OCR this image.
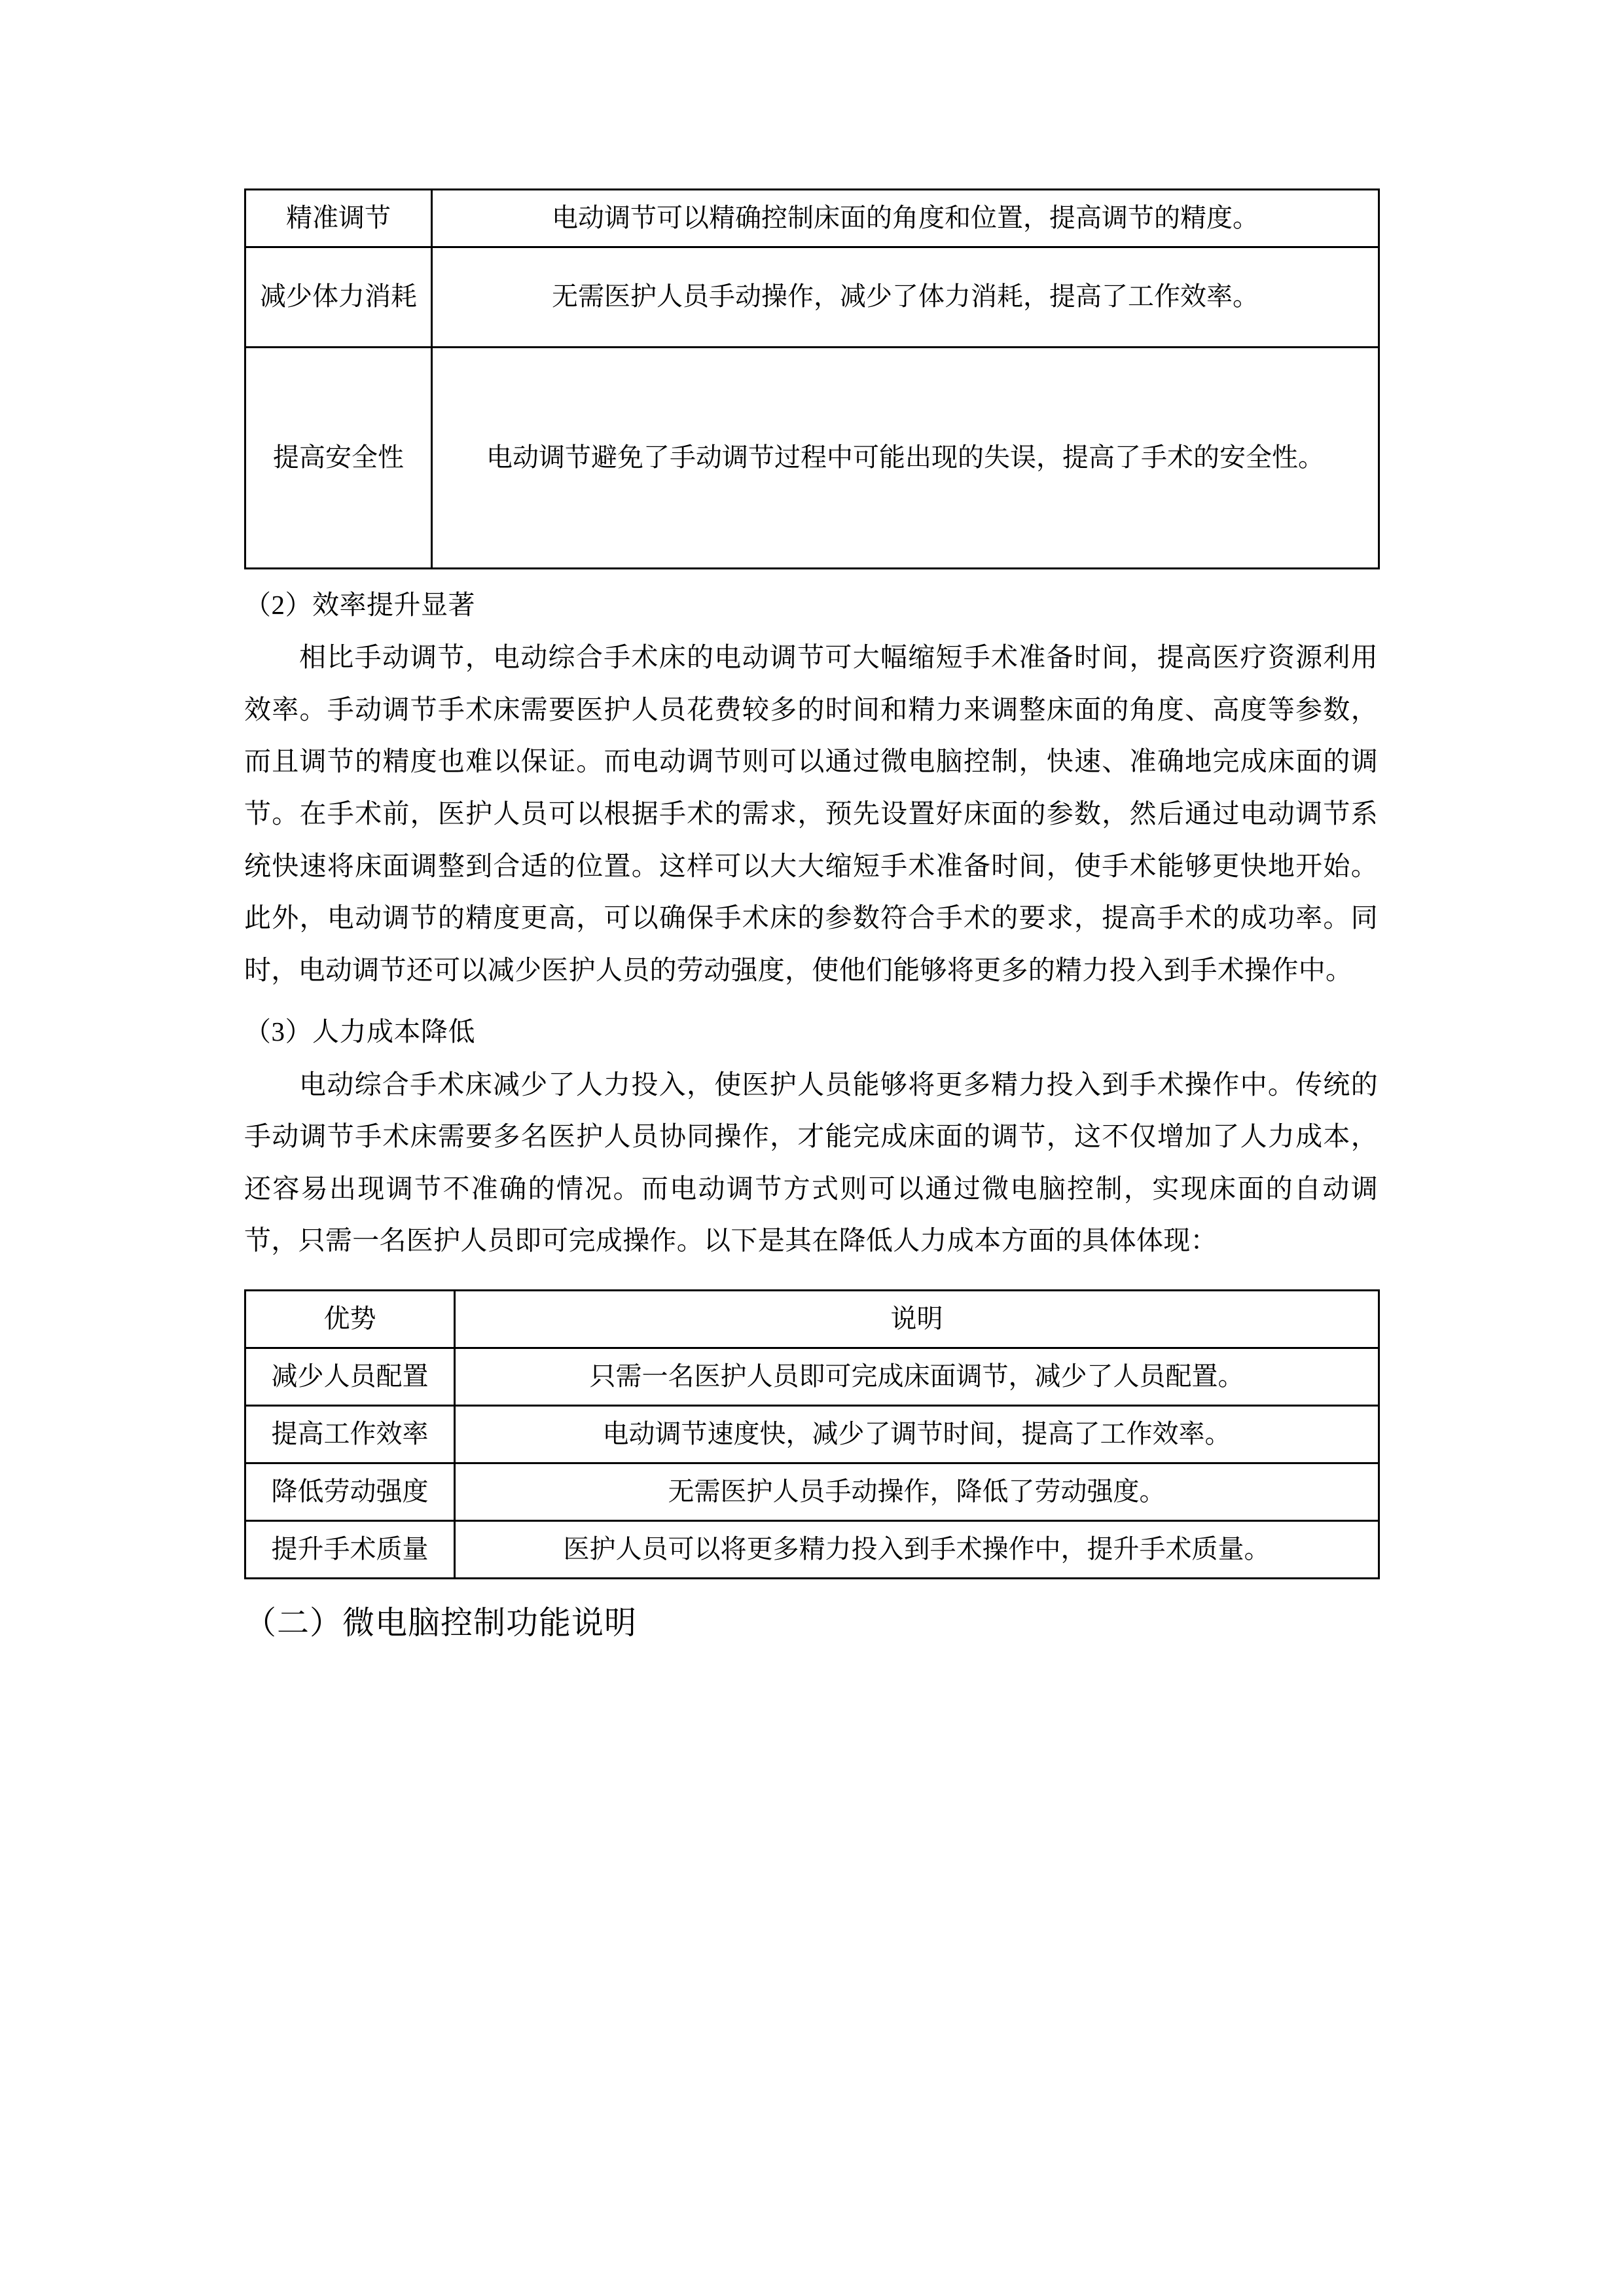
精准调节	电动调节可以精确控制床面的角度和位置，提高调节的精度。
减少体力消耗	无需医护人员手动操作，减少了体力消耗，提高了工作效率。
提高安全性	电动调节避免了手动调节过程中可能出现的失误，提高了手术的安全性。
（2）效率提升显著

相比手动调节，电动综合手术床的电动调节可大幅缩短手术准备时间，提高医疗资源利用效率。手动调节手术床需要医护人员花费较多的时间和精力来调整床面的角度、高度等参数，而且调节的精度也难以保证。而电动调节则可以通过微电脑控制，快速、准确地完成床面的调节。在手术前，医护人员可以根据手术的需求，预先设置好床面的参数，然后通过电动调节系统快速将床面调整到合适的位置。这样可以大大缩短手术准备时间，使手术能够更快地开始。此外，电动调节的精度更高，可以确保手术床的参数符合手术的要求，提高手术的成功率。同时，电动调节还可以减少医护人员的劳动强度，使他们能够将更多的精力投入到手术操作中。

（3）人力成本降低

电动综合手术床减少了人力投入，使医护人员能够将更多精力投入到手术操作中。传统的手动调节手术床需要多名医护人员协同操作，才能完成床面的调节，这不仅增加了人力成本，还容易出现调节不准确的情况。而电动调节方式则可以通过微电脑控制，实现床面的自动调节，只需一名医护人员即可完成操作。以下是其在降低人力成本方面的具体体现：

优势	说明
减少人员配置	只需一名医护人员即可完成床面调节，减少了人员配置。
提高工作效率	电动调节速度快，减少了调节时间，提高了工作效率。
降低劳动强度	无需医护人员手动操作，降低了劳动强度。
提升手术质量	医护人员可以将更多精力投入到手术操作中，提升手术质量。
（二）微电脑控制功能说明
